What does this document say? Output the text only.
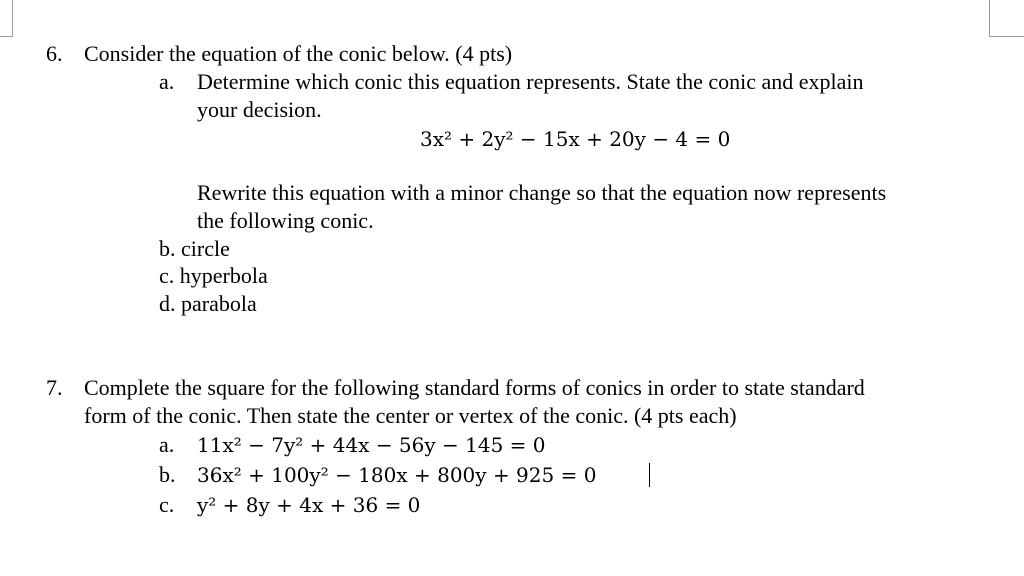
6. Consider the equation of the conic below. (4 pts)
a. Determine which conic this equation represents. State the conic and explain
your decision.
3x² + 2y² − 15x + 20y − 4 = 0
Rewrite this equation with a minor change so that the equation now represents
the following conic.
b. circle
c. hyperbola
d. parabola
7. Complete the square for the following standard forms of conics in order to state standard
form of the conic. Then state the center or vertex of the conic. (4 pts each)
a. 11x² − 7y² + 44x − 56y − 145 = 0
b. 36x² + 100y² − 180x + 800y + 925 = 0
c. y² + 8y + 4x + 36 = 0
